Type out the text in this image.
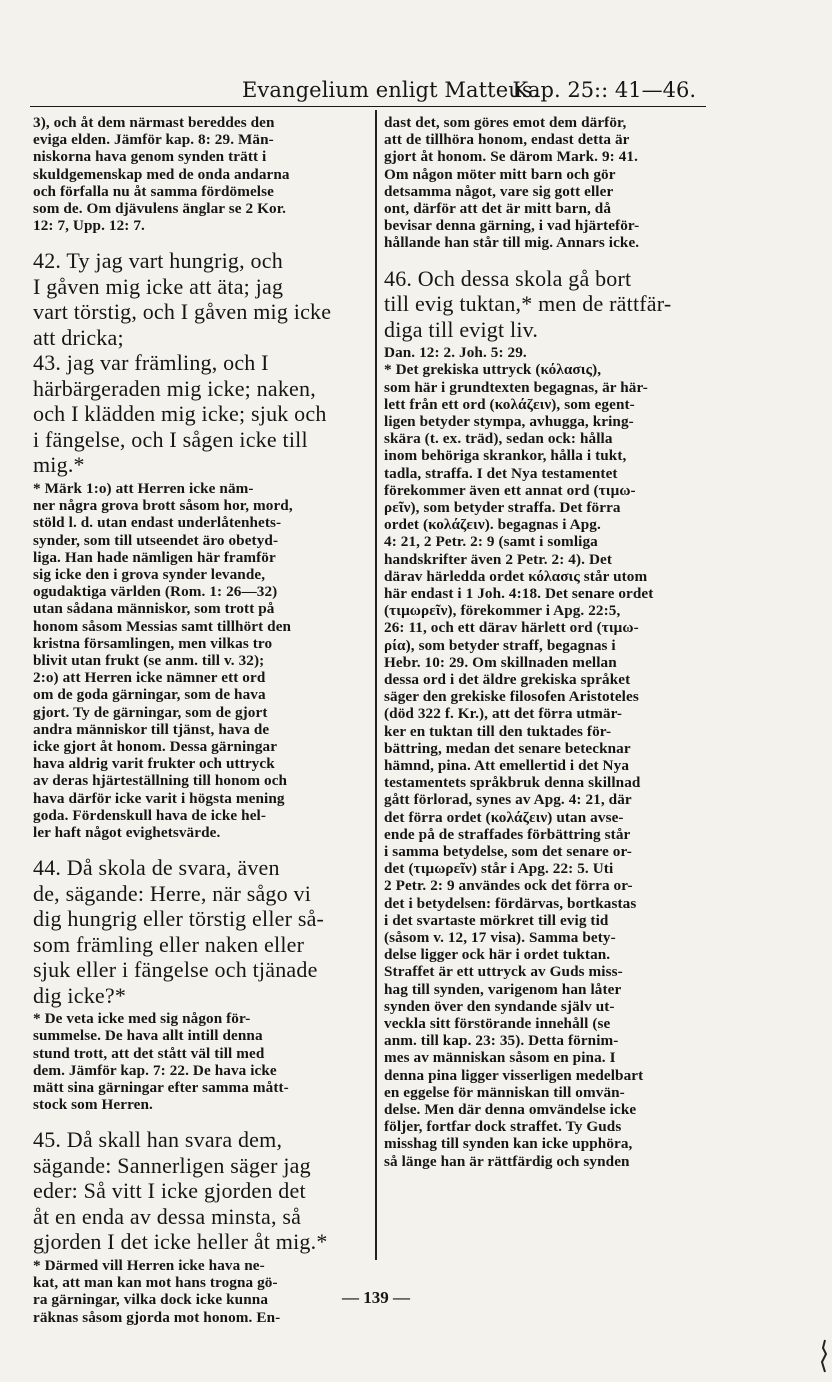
Evangelium enligt Matteus.
Kap. 25:: 41—46.
3), och åt dem närmast bereddes den
eviga elden. Jämför kap. 8: 29. Män-
niskorna hava genom synden trätt i
skuldgemenskap med de onda andarna
och förfalla nu åt samma fördömelse
som de. Om djävulens änglar se 2 Kor.
12: 7, Upp. 12: 7.
42. Ty jag vart hungrig, och
I gåven mig icke att äta; jag
vart törstig, och I gåven mig icke
att dricka;
43. jag var främling, och I
härbärgeraden mig icke; naken,
och I klädden mig icke; sjuk och
i fängelse, och I sågen icke till
mig.*
* Märk 1:o) att Herren icke näm-
ner några grova brott såsom hor, mord,
stöld l. d. utan endast underlåtenhets-
synder, som till utseendet äro obetyd-
liga. Han hade nämligen här framför
sig icke den i grova synder levande,
ogudaktiga världen (Rom. 1: 26—32)
utan sådana människor, som trott på
honom såsom Messias samt tillhört den
kristna församlingen, men vilkas tro
blivit utan frukt (se anm. till v. 32);
2:o) att Herren icke nämner ett ord
om de goda gärningar, som de hava
gjort. Ty de gärningar, som de gjort
andra människor till tjänst, hava de
icke gjort åt honom. Dessa gärningar
hava aldrig varit frukter och uttryck
av deras hjärteställning till honom och
hava därför icke varit i högsta mening
goda. Fördenskull hava de icke hel-
ler haft något evighetsvärde.
44. Då skola de svara, även
de, sägande: Herre, när sågo vi
dig hungrig eller törstig eller så-
som främling eller naken eller
sjuk eller i fängelse och tjänade
dig icke?*
* De veta icke med sig någon för-
summelse. De hava allt intill denna
stund trott, att det stått väl till med
dem. Jämför kap. 7: 22. De hava icke
mätt sina gärningar efter samma mått-
stock som Herren.
45. Då skall han svara dem,
sägande: Sannerligen säger jag
eder: Så vitt I icke gjorden det
åt en enda av dessa minsta, så
gjorden I det icke heller åt mig.*
* Därmed vill Herren icke hava ne-
kat, att man kan mot hans trogna gö-
ra gärningar, vilka dock icke kunna
räknas såsom gjorda mot honom. En-
dast det, som göres emot dem därför,
att de tillhöra honom, endast detta är
gjort åt honom. Se därom Mark. 9: 41.
Om någon möter mitt barn och gör
detsamma något, vare sig gott eller
ont, därför att det är mitt barn, då
bevisar denna gärning, i vad hjärteför-
hållande han står till mig. Annars icke.
46. Och dessa skola gå bort
till evig tuktan,* men de rättfär-
diga till evigt liv.
Dan. 12: 2. Joh. 5: 29.
* Det grekiska uttryck (κόλασις),
som här i grundtexten begagnas, är här-
lett från ett ord (κολάζειν), som egent-
ligen betyder stympa, avhugga, kring-
skära (t. ex. träd), sedan ock: hålla
inom behöriga skrankor, hålla i tukt,
tadla, straffa. I det Nya testamentet
förekommer även ett annat ord (τιμω-
ρεῖν), som betyder straffa. Det förra
ordet (κολάζειν). begagnas i Apg.
4: 21, 2 Petr. 2: 9 (samt i somliga
handskrifter även 2 Petr. 2: 4). Det
därav härledda ordet κόλασις står utom
här endast i 1 Joh. 4:18. Det senare ordet
(τιμωρεῖν), förekommer i Apg. 22:5,
26: 11, och ett därav härlett ord (τιμω-
ρία), som betyder straff, begagnas i
Hebr. 10: 29. Om skillnaden mellan
dessa ord i det äldre grekiska språket
säger den grekiske filosofen Aristoteles
(död 322 f. Kr.), att det förra utmär-
ker en tuktan till den tuktades för-
bättring, medan det senare betecknar
hämnd, pina. Att emellertid i det Nya
testamentets språkbruk denna skillnad
gått förlorad, synes av Apg. 4: 21, där
det förra ordet (κολάζειν) utan avse-
ende på de straffades förbättring står
i samma betydelse, som det senare or-
det (τιμωρεῖν) står i Apg. 22: 5. Uti
2 Petr. 2: 9 användes ock det förra or-
det i betydelsen: fördärvas, bortkastas
i det svartaste mörkret till evig tid
(såsom v. 12, 17 visa). Samma bety-
delse ligger ock här i ordet tuktan.
Straffet är ett uttryck av Guds miss-
hag till synden, varigenom han låter
synden över den syndande själv ut-
veckla sitt förstörande innehåll (se
anm. till kap. 23: 35). Detta förnim-
mes av människan såsom en pina. I
denna pina ligger visserligen medelbart
en eggelse för människan till omvän-
delse. Men där denna omvändelse icke
följer, fortfar dock straffet. Ty Guds
misshag till synden kan icke upphöra,
så länge han är rättfärdig och synden
— 139 —
